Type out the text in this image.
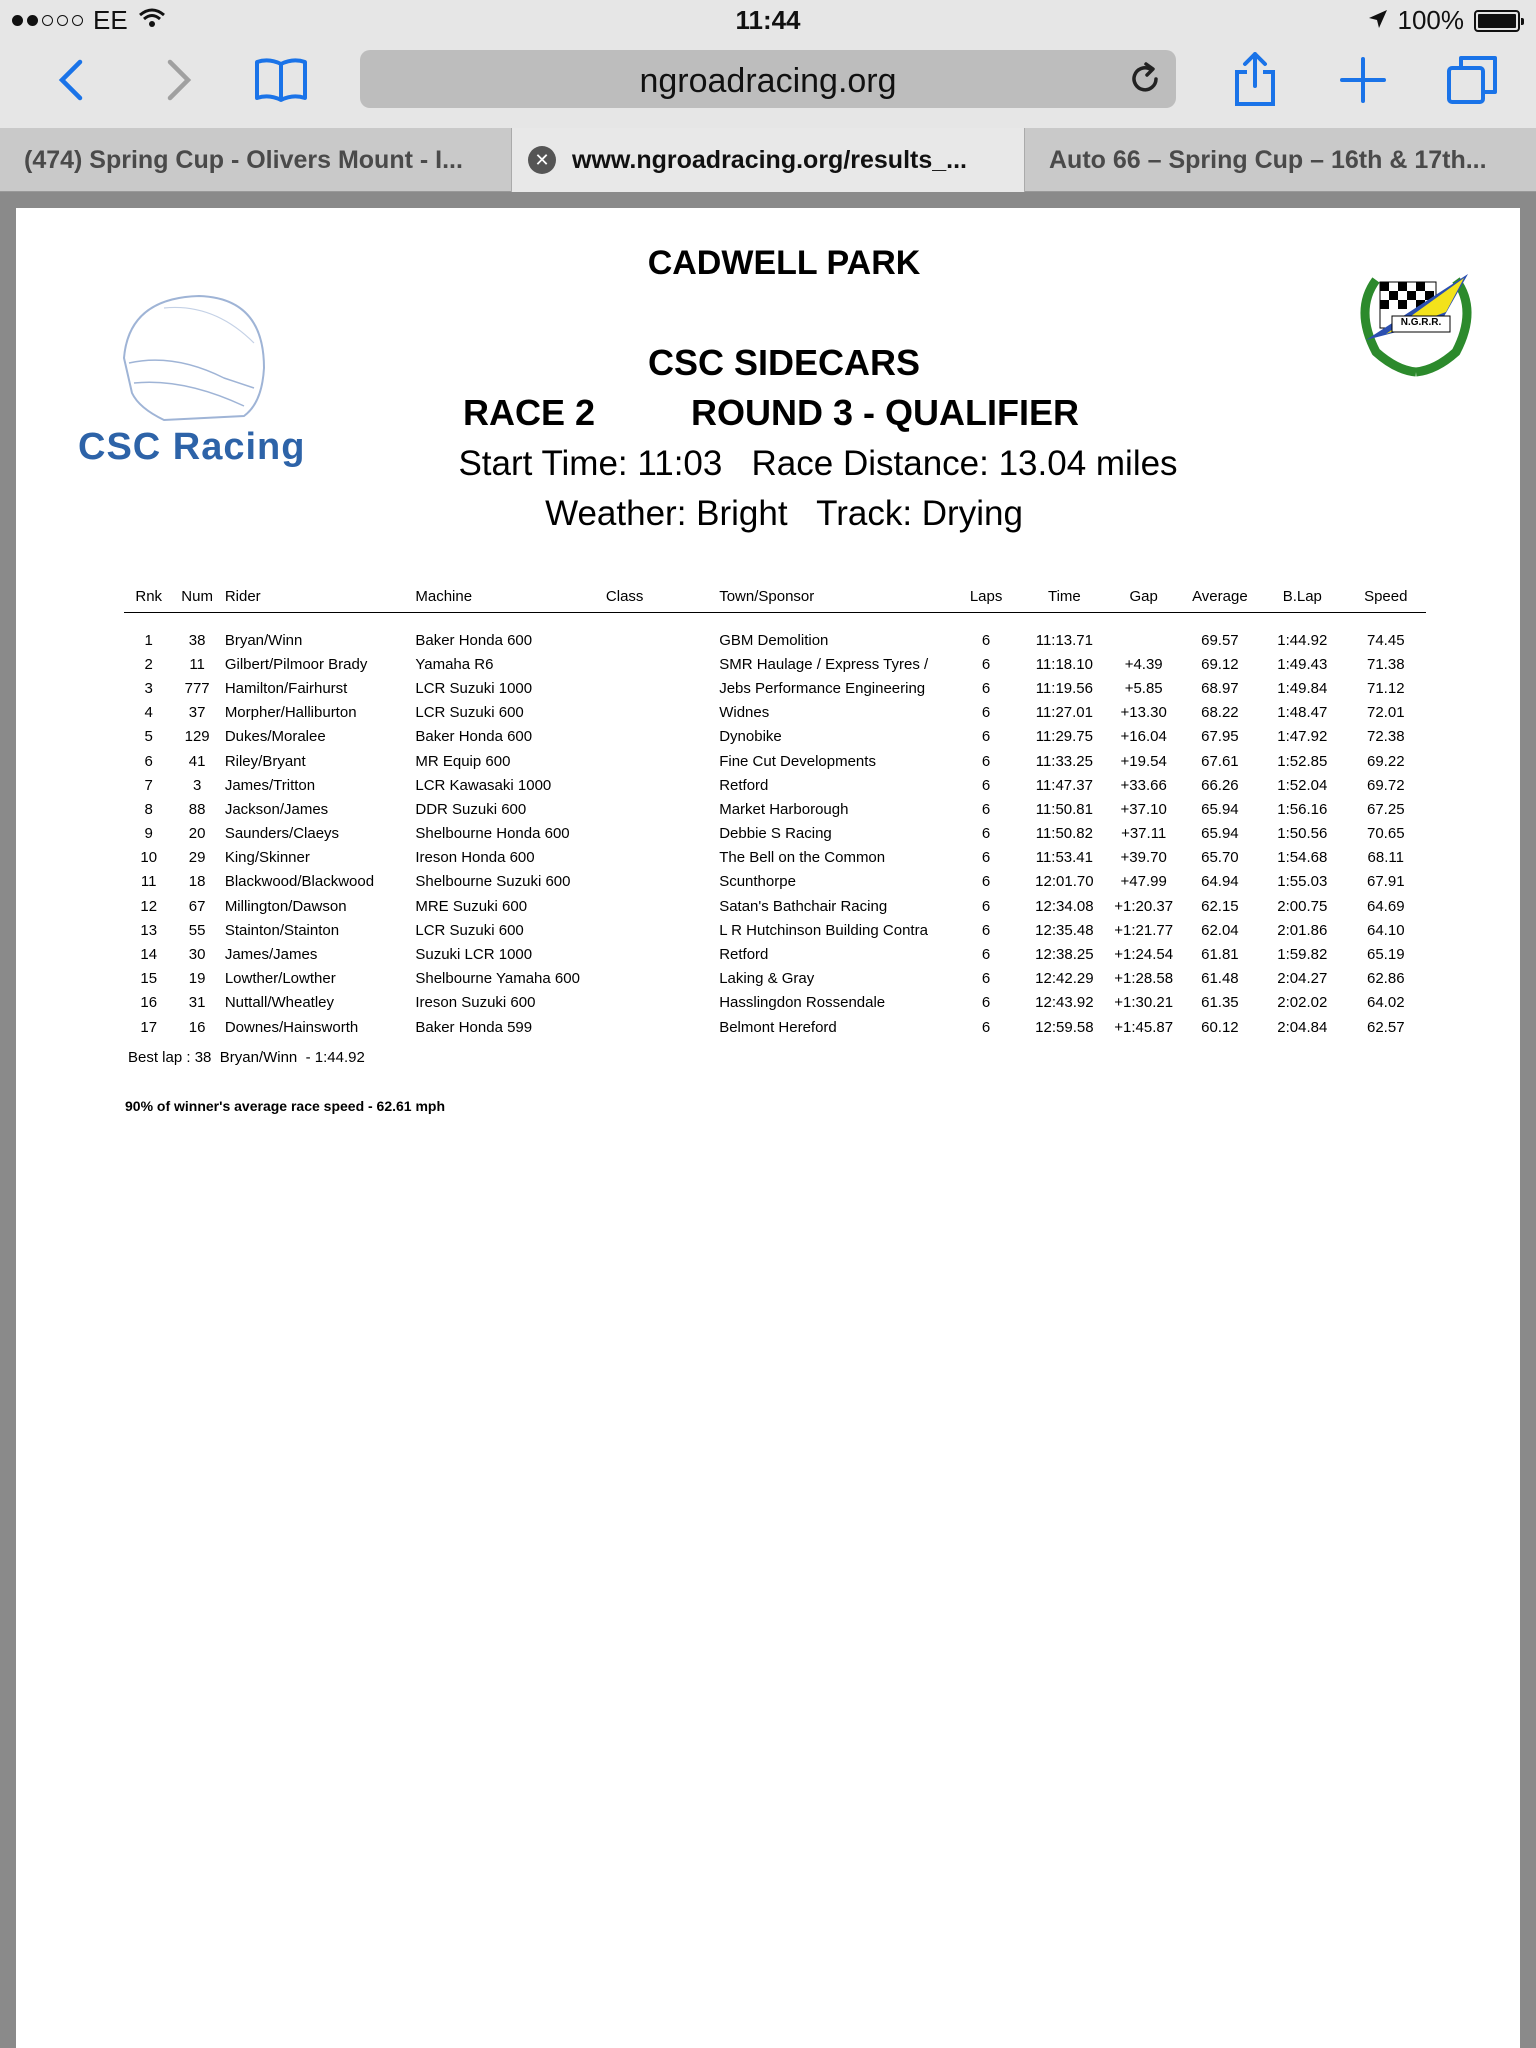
EE	11:44	100%
ngroadracing.org
(474) Spring Cup - Olivers Mount - I...	✕ www.ngroadracing.org/results_...	Auto 66 – Spring Cup – 16th & 17th...
CSC Racing
N.G.R.R.
CADWELL PARK
CSC SIDECARS
RACE 2	ROUND 3 - QUALIFIER
Start Time: 11:03   Race Distance: 13.04 miles
Weather: Bright   Track: Drying
Rnk	Num	Rider	Machine	Class	Town/Sponsor	Laps	Time	Gap	Average	B.Lap	Speed

1	38	Bryan/Winn	Baker Honda 600		GBM Demolition	6	11:13.71		69.57	1:44.92	74.45
2	11	Gilbert/Pilmoor Brady	Yamaha R6		SMR Haulage / Express Tyres /	6	11:18.10	+4.39	69.12	1:49.43	71.38
3	777	Hamilton/Fairhurst	LCR Suzuki 1000		Jebs Performance Engineering	6	11:19.56	+5.85	68.97	1:49.84	71.12
4	37	Morpher/Halliburton	LCR Suzuki 600		Widnes	6	11:27.01	+13.30	68.22	1:48.47	72.01
5	129	Dukes/Moralee	Baker Honda 600		Dynobike	6	11:29.75	+16.04	67.95	1:47.92	72.38
6	41	Riley/Bryant	MR Equip 600		Fine Cut Developments	6	11:33.25	+19.54	67.61	1:52.85	69.22
7	3	James/Tritton	LCR Kawasaki 1000		Retford	6	11:47.37	+33.66	66.26	1:52.04	69.72
8	88	Jackson/James	DDR Suzuki 600		Market Harborough	6	11:50.81	+37.10	65.94	1:56.16	67.25
9	20	Saunders/Claeys	Shelbourne Honda 600		Debbie S Racing	6	11:50.82	+37.11	65.94	1:50.56	70.65
10	29	King/Skinner	Ireson Honda 600		The Bell on the Common	6	11:53.41	+39.70	65.70	1:54.68	68.11
11	18	Blackwood/Blackwood	Shelbourne Suzuki 600		Scunthorpe	6	12:01.70	+47.99	64.94	1:55.03	67.91
12	67	Millington/Dawson	MRE Suzuki 600		Satan's Bathchair Racing	6	12:34.08	+1:20.37	62.15	2:00.75	64.69
13	55	Stainton/Stainton	LCR Suzuki 600		L R Hutchinson Building Contra	6	12:35.48	+1:21.77	62.04	2:01.86	64.10
14	30	James/James	Suzuki LCR 1000		Retford	6	12:38.25	+1:24.54	61.81	1:59.82	65.19
15	19	Lowther/Lowther	Shelbourne Yamaha 600		Laking & Gray	6	12:42.29	+1:28.58	61.48	2:04.27	62.86
16	31	Nuttall/Wheatley	Ireson Suzuki 600		Hasslingdon Rossendale	6	12:43.92	+1:30.21	61.35	2:02.02	64.02
17	16	Downes/Hainsworth	Baker Honda 599		Belmont Hereford	6	12:59.58	+1:45.87	60.12	2:04.84	62.57
Best lap : 38  Bryan/Winn  - 1:44.92
90% of winner's average race speed - 62.61 mph
